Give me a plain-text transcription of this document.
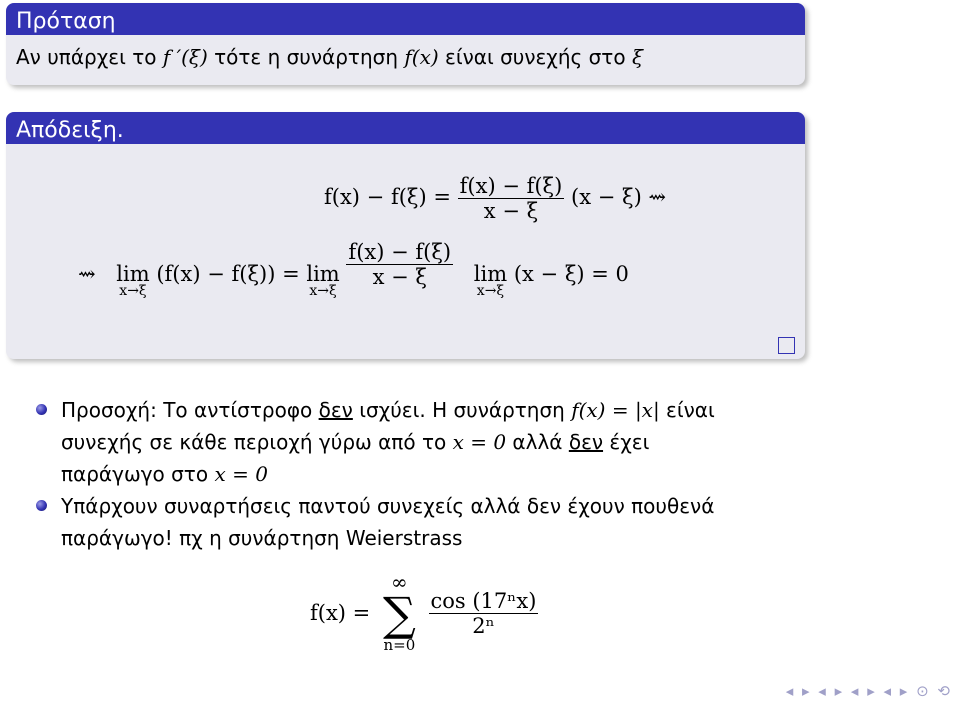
Πρόταση
Αν υπάρχει το f ′(ξ) τότε η συνάρτηση f(x) είναι συνεχής στο ξ
Απόδειξη.
$f(x) - f(\xi) = \frac{f(x) - f(\xi)}{x - \xi} (x - \xi)$ ⇝
⇝ lim
x→ξ
(f(x) − f(ξ)) = lim
x→ξ

$\frac{f(x) - f(\xi)}{x - \xi}$
lim
x→ξ
(x − ξ) = 0
Προσοχή: Το αντίστροφο δεν ισχύει. Η συνάρτηση f(x) = |x| είναι
συνεχής σε κάθε περιοχή γύρω από το x = 0 αλλά δεν έχει
παράγωγο στο x = 0
Υπάρχουν συναρτήσεις παντού συνεχείς αλλά δεν έχουν πουθενά
παράγωγο! πχ η συνάρτηση Weierstrass
f(x) =
∞
∑
n=0

$\frac{\text{cos (17ⁿx)}}{\text{2ⁿ}}$
◂ ▸ ◂ ▸ ◂ ▸ ◂ ▸ ⊙ ⟲
